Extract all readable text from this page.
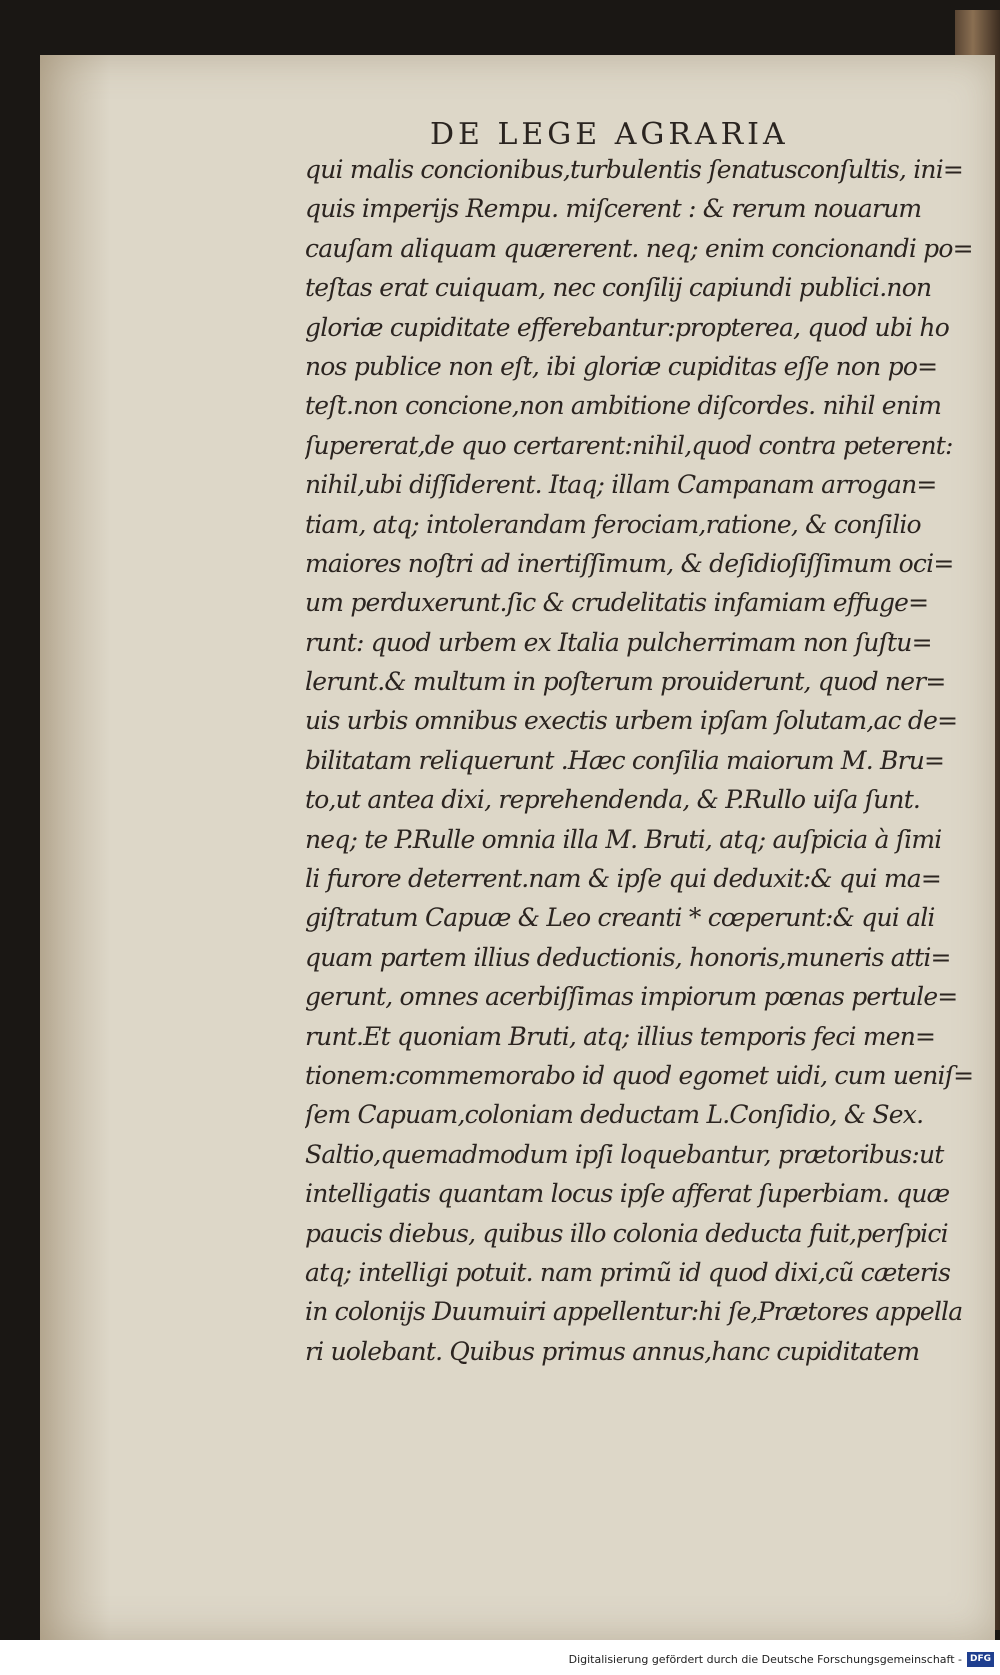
DE LEGE AGRARIA
qui malis concionibus,turbulentis ſenatusconſultis, ini=
quis imperijs Rempu. miſcerent : & rerum nouarum
cauſam aliquam quærerent. neq; enim concionandi po=
teſtas erat cuiquam, nec conſilij capiundi publici.non
gloriæ cupiditate efferebantur:propterea, quod ubi ho
nos publice non eſt, ibi gloriæ cupiditas eſſe non po=
teſt.non concione,non ambitione diſcordes. nihil enim
ſupererat,de quo certarent:nihil,quod contra peterent:
nihil,ubi diſſiderent. Itaq; illam Campanam arrogan=
tiam, atq; intolerandam ferociam,ratione, & conſilio
maiores noſtri ad inertiſſimum, & deſidioſiſſimum oci=
um perduxerunt.ſic & crudelitatis infamiam effuge=
runt: quod urbem ex Italia pulcherrimam non ſuſtu=
lerunt.& multum in poſterum prouiderunt, quod ner=
uis urbis omnibus exectis urbem ipſam ſolutam,ac de=
bilitatam reliquerunt .Hæc conſilia maiorum M. Bru=
to,ut antea dixi, reprehendenda, & P.Rullo uiſa ſunt.
neq; te P.Rulle omnia illa M. Bruti, atq; auſpicia à ſimi
li furore deterrent.nam & ipſe qui deduxit:& qui ma=
giſtratum Capuæ & Leo creanti * cœperunt:& qui ali
quam partem illius deductionis, honoris,muneris atti=
gerunt, omnes acerbiſſimas impiorum pœnas pertule=
runt.Et quoniam Bruti, atq; illius temporis feci men=
tionem:commemorabo id quod egomet uidi, cum ueniſ=
ſem Capuam,coloniam deductam L.Conſidio, & Sex.
Saltio,quemadmodum ipſi loquebantur, prætoribus:ut
intelligatis quantam locus ipſe afferat ſuperbiam. quæ
paucis diebus, quibus illo colonia deducta fuit,perſpici
atq; intelligi potuit. nam primũ id quod dixi,cũ cæteris
in colonijs Duumuiri appellentur:hi ſe,Prætores appella
ri uolebant. Quibus primus annus,hanc cupiditatem
Digitalisierung gefördert durch die Deutsche Forschungsgemeinschaft - DFG
